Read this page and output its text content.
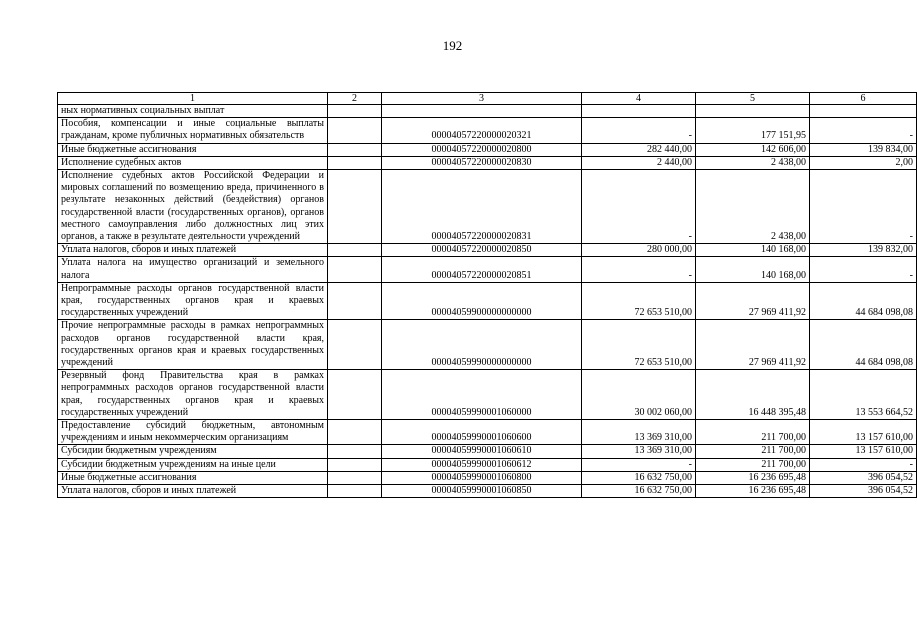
192
1	2	3	4	5	6
ных нормативных социальных выплат					
Пособия, компенсации и иные социальные выплаты гражданам, кроме публичных нормативных обязательств		00004057220000020321	-	177 151,95	-
Иные бюджетные ассигнования		00004057220000020800	282 440,00	142 606,00	139 834,00
Исполнение судебных актов		00004057220000020830	2 440,00	2 438,00	2,00
Исполнение судебных актов Российской Федерации и мировых соглашений по возмещению вреда, причиненного в результате незаконных действий (бездействия) органов государственной власти (государственных органов), органов местного самоуправления либо должностных лиц этих органов, а также в результате деятельности учреждений		00004057220000020831	-	2 438,00	-
Уплата налогов, сборов и иных платежей		00004057220000020850	280 000,00	140 168,00	139 832,00
Уплата налога на имущество организаций и земельного налога		00004057220000020851	-	140 168,00	-
Непрограммные расходы органов государственной власти края, государственных органов края и краевых государственных учреждений		00004059900000000000	72 653 510,00	27 969 411,92	44 684 098,08
Прочие непрограммные расходы в рамках непрограммных расходов органов государственной власти края, государственных органов края и краевых государственных учреждений		00004059990000000000	72 653 510,00	27 969 411,92	44 684 098,08
Резервный фонд Правительства края в рамках непрограммных расходов органов государственной власти края, государственных органов края и краевых государственных учреждений		00004059990001060000	30 002 060,00	16 448 395,48	13 553 664,52
Предоставление субсидий бюджетным, автономным учреждениям и иным некоммерческим организациям		00004059990001060600	13 369 310,00	211 700,00	13 157 610,00
Субсидии бюджетным учреждениям		00004059990001060610	13 369 310,00	211 700,00	13 157 610,00
Субсидии бюджетным учреждениям на иные цели		00004059990001060612	-	211 700,00	-
Иные бюджетные ассигнования		00004059990001060800	16 632 750,00	16 236 695,48	396 054,52
Уплата налогов, сборов и иных платежей		00004059990001060850	16 632 750,00	16 236 695,48	396 054,52
